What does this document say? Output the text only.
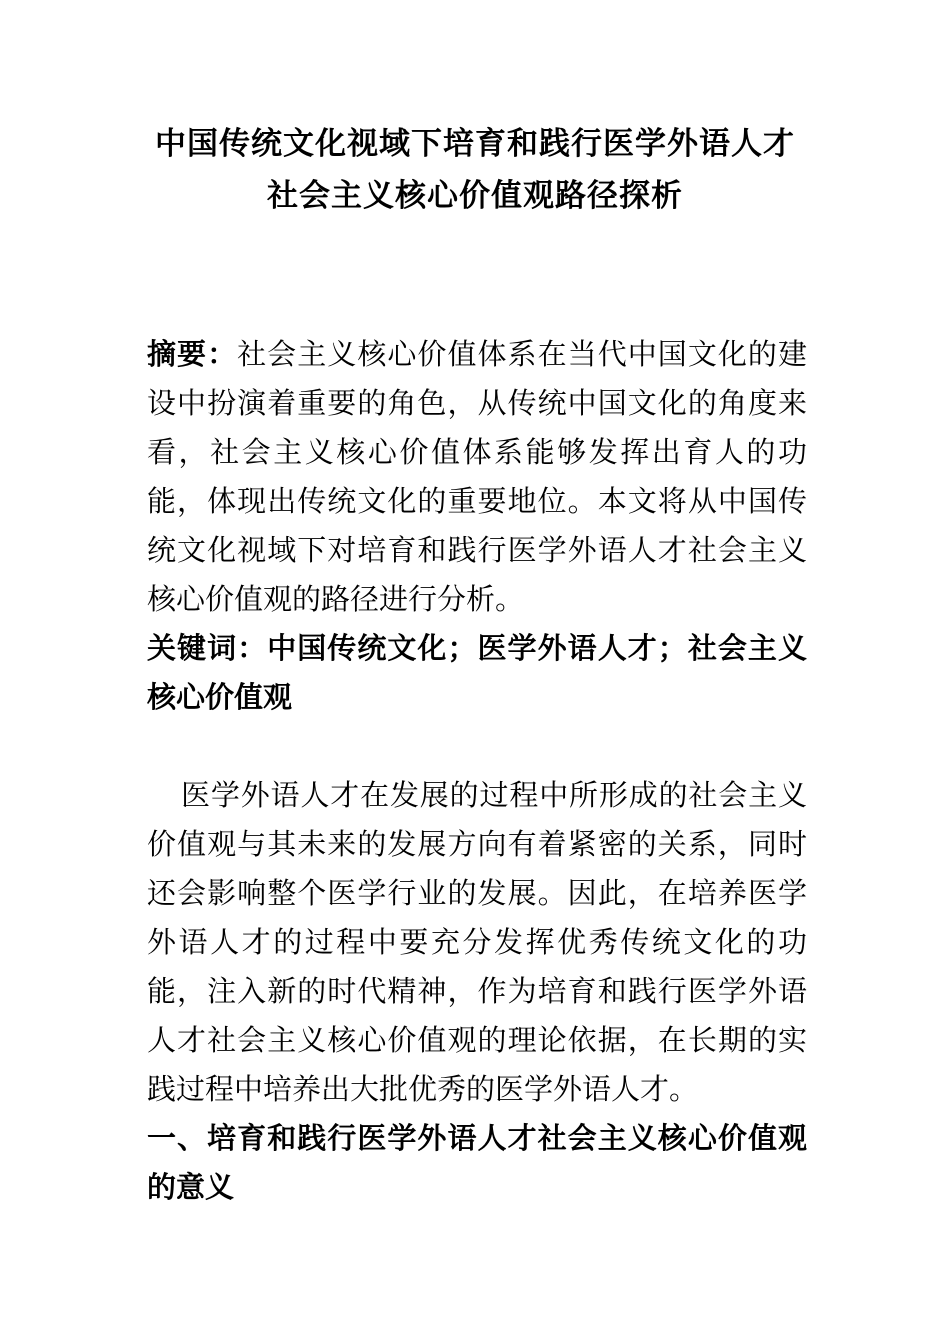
中国传统文化视域下培育和践行医学外语人才
社会主义核心价值观路径探析
摘要：社会主义核心价值体系在当代中国文化的建设中扮演着重要的角色，从传统中国文化的角度来看，社会主义核心价值体系能够发挥出育人的功能，体现出传统文化的重要地位。本文将从中国传统文化视域下对培育和践行医学外语人才社会主义核心价值观的路径进行分析。
关键词：中国传统文化；医学外语人才；社会主义核心价值观
医学外语人才在发展的过程中所形成的社会主义价值观与其未来的发展方向有着紧密的关系，同时还会影响整个医学行业的发展。因此，在培养医学外语人才的过程中要充分发挥优秀传统文化的功能，注入新的时代精神，作为培育和践行医学外语人才社会主义核心价值观的理论依据，在长期的实践过程中培养出大批优秀的医学外语人才。
一、培育和践行医学外语人才社会主义核心价值观的意义
